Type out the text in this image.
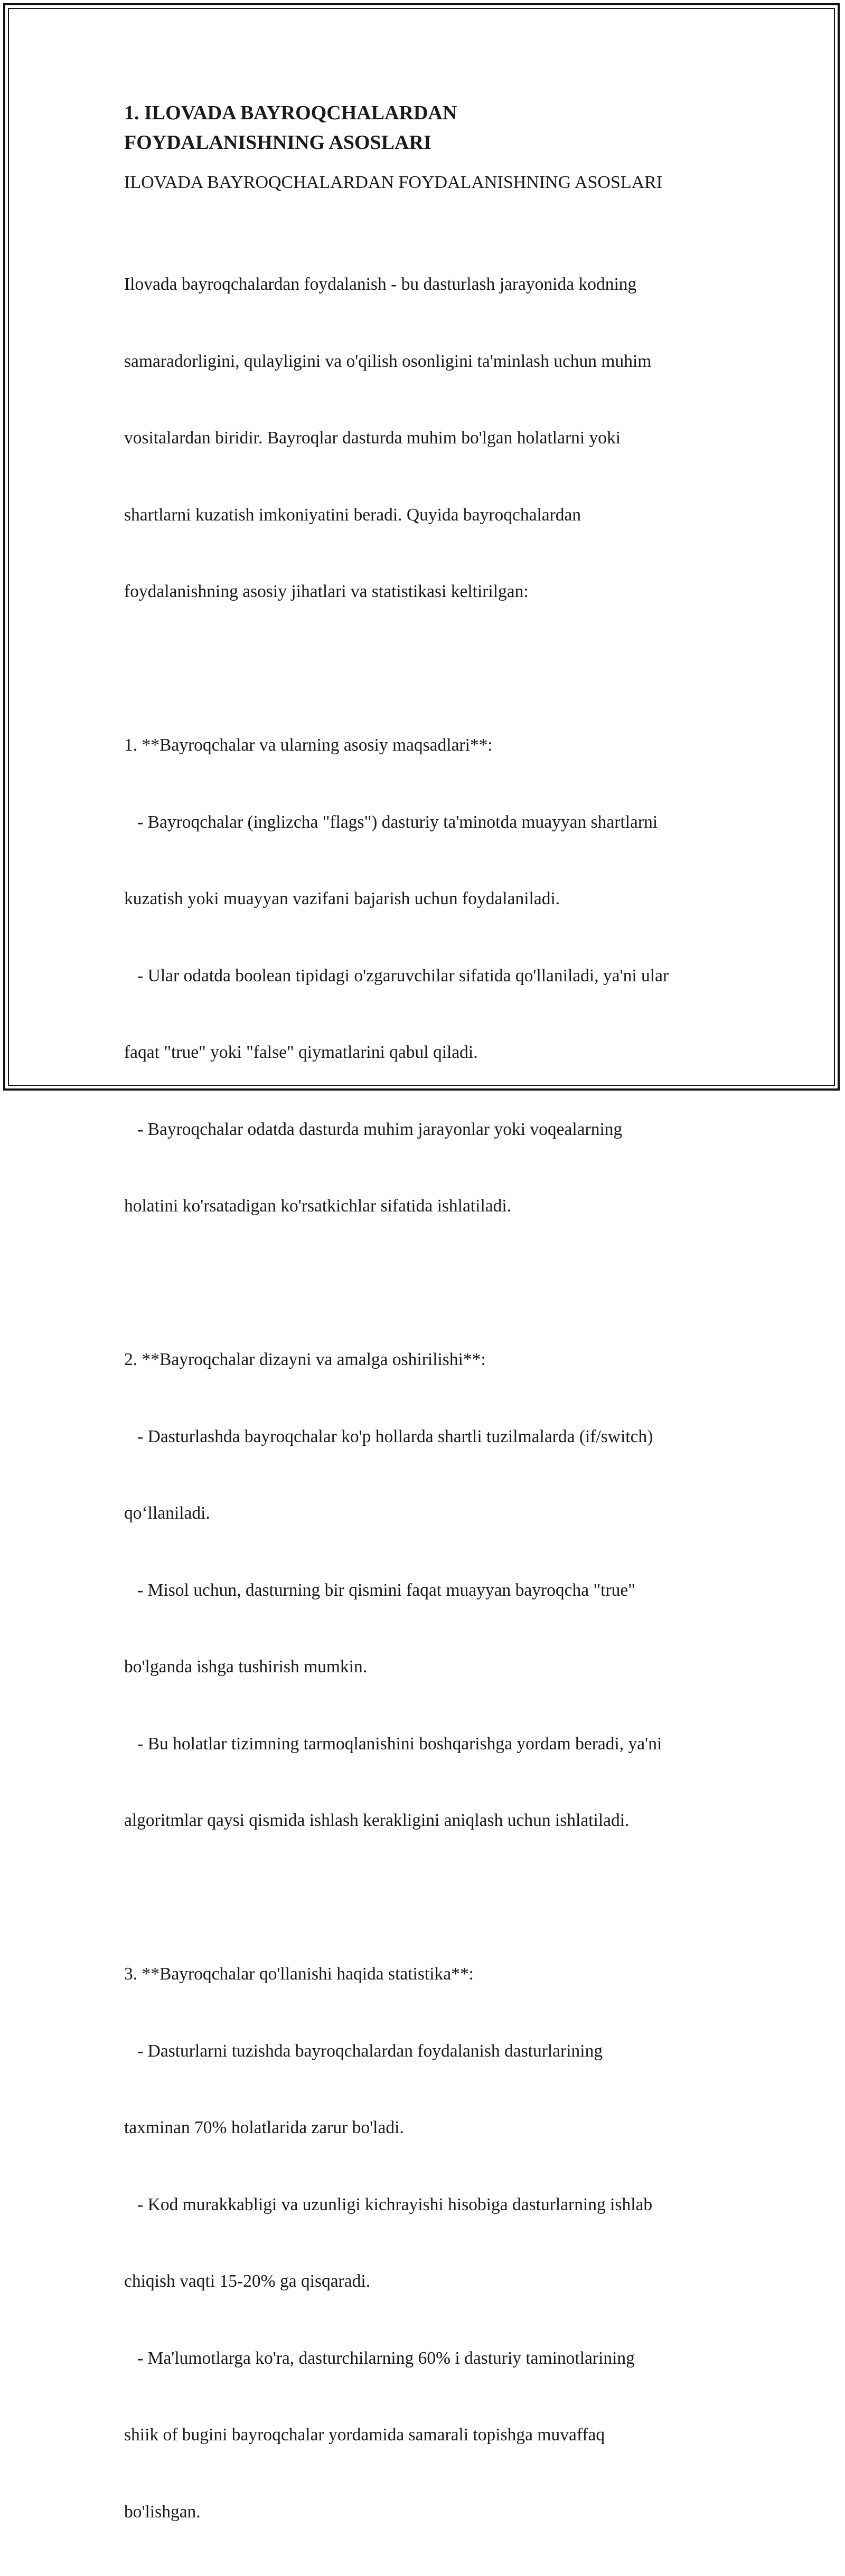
1. ILOVADA BAYROQCHALARDAN
FOYDALANISHNING ASOSLARI

ILOVADA BAYROQCHALARDAN FOYDALANISHNING ASOSLARI

Ilovada bayroqchalardan foydalanish - bu dasturlash jarayonida kodning

samaradorligini, qulayligini va o'qilish osonligini ta'minlash uchun muhim

vositalardan biridir. Bayroqlar dasturda muhim bo'lgan holatlarni yoki

shartlarni kuzatish imkoniyatini beradi. Quyida bayroqchalardan

foydalanishning asosiy jihatlari va statistikasi keltirilgan:

1. **Bayroqchalar va ularning asosiy maqsadlari**:

- Bayroqchalar (inglizcha "flags") dasturiy ta'minotda muayyan shartlarni

kuzatish yoki muayyan vazifani bajarish uchun foydalaniladi.

- Ular odatda boolean tipidagi o'zgaruvchilar sifatida qo'llaniladi, ya'ni ular

faqat "true" yoki "false" qiymatlarini qabul qiladi.

- Bayroqchalar odatda dasturda muhim jarayonlar yoki voqealarning

holatini ko'rsatadigan ko'rsatkichlar sifatida ishlatiladi.

2. **Bayroqchalar dizayni va amalga oshirilishi**:

- Dasturlashda bayroqchalar ko'p hollarda shartli tuzilmalarda (if/switch)

qo‘llaniladi.

- Misol uchun, dasturning bir qismini faqat muayyan bayroqcha "true"

bo'lganda ishga tushirish mumkin.

- Bu holatlar tizimning tarmoqlanishini boshqarishga yordam beradi, ya'ni

algoritmlar qaysi qismida ishlash kerakligini aniqlash uchun ishlatiladi.

3. **Bayroqchalar qo'llanishi haqida statistika**:

- Dasturlarni tuzishda bayroqchalardan foydalanish dasturlarining

taxminan 70% holatlarida zarur bo'ladi.

- Kod murakkabligi va uzunligi kichrayishi hisobiga dasturlarning ishlab

chiqish vaqti 15-20% ga qisqaradi.

- Ma'lumotlarga ko'ra, dasturchilarning 60% i dasturiy taminotlarining

shiik of bugini bayroqchalar yordamida samarali topishga muvaffaq

bo'lishgan.
